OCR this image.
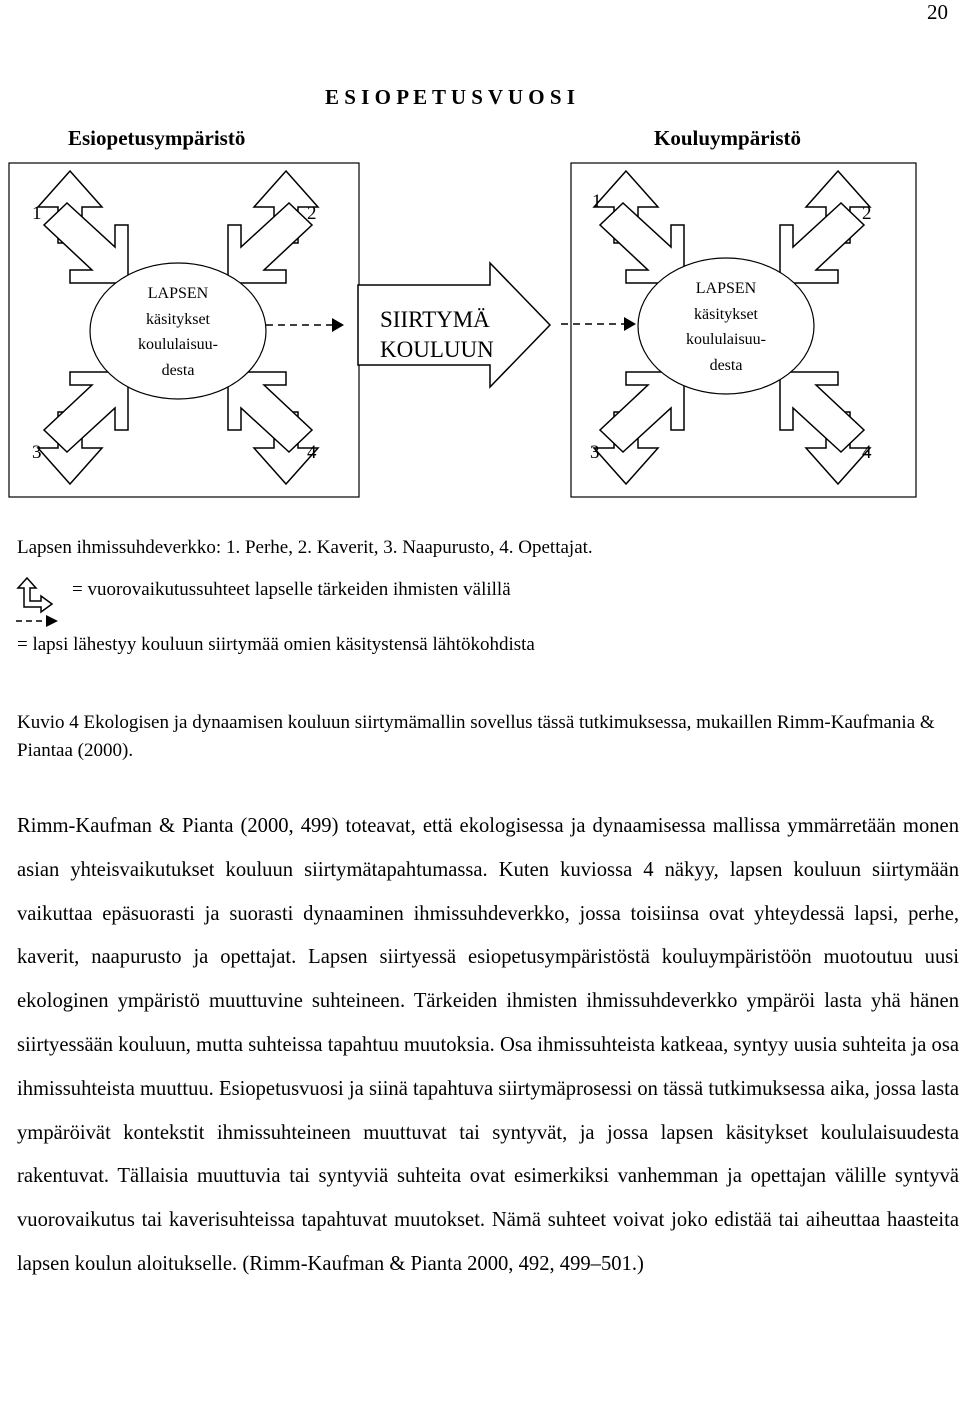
20
E S I O P E T U S V U O S I
Esiopetusympäristö	Kouluympäristö
1	2
3	4
1
2
3	4
LAPSEN
käsitykset
koululaisuu-
desta
LAPSEN
käsitykset
koululaisuu-
desta
SIIRTYMÄ
KOULUUN
Lapsen ihmissuhdeverkko: 1. Perhe, 2. Kaverit, 3. Naapurusto, 4. Opettajat.
= vuorovaikutussuhteet lapselle tärkeiden ihmisten välillä
= lapsi lähestyy kouluun siirtymää omien käsitystensä lähtökohdista
Kuvio 4 Ekologisen ja dynaamisen kouluun siirtymämallin sovellus tässä tutkimuksessa, mukaillen Rimm-Kaufmania & Piantaa (2000).

Rimm-Kaufman & Pianta (2000, 499) toteavat, että ekologisessa ja dynaamisessa mallissa ymmärretään monen asian yhteisvaikutukset kouluun siirtymätapahtumassa. Kuten kuviossa 4 näkyy, lapsen kouluun siirtymään vaikuttaa epäsuorasti ja suorasti dynaaminen ihmissuhdeverkko, jossa toisiinsa ovat yhteydessä lapsi, perhe, kaverit, naapurusto ja opettajat. Lapsen siirtyessä esiopetusympäristöstä kouluympäristöön muotoutuu uusi ekologinen ympäristö muuttuvine suhteineen. Tärkeiden ihmisten ihmissuhdeverkko ympäröi lasta yhä hänen siirtyessään kouluun, mutta suhteissa tapahtuu muutoksia. Osa ihmissuhteista katkeaa, syntyy uusia suhteita ja osa ihmissuhteista muuttuu. Esiopetusvuosi ja siinä tapahtuva siirtymäprosessi on tässä tutkimuksessa aika, jossa lasta ympäröivät kontekstit ihmissuhteineen muuttuvat tai syntyvät, ja jossa lapsen käsitykset koululaisuudesta rakentuvat. Tällaisia muuttuvia tai syntyviä suhteita ovat esimerkiksi vanhemman ja opettajan välille syntyvä vuorovaikutus tai kaverisuhteissa tapahtuvat muutokset. Nämä suhteet voivat joko edistää tai aiheuttaa haasteita lapsen koulun aloitukselle. (Rimm-Kaufman & Pianta 2000, 492, 499–501.)
